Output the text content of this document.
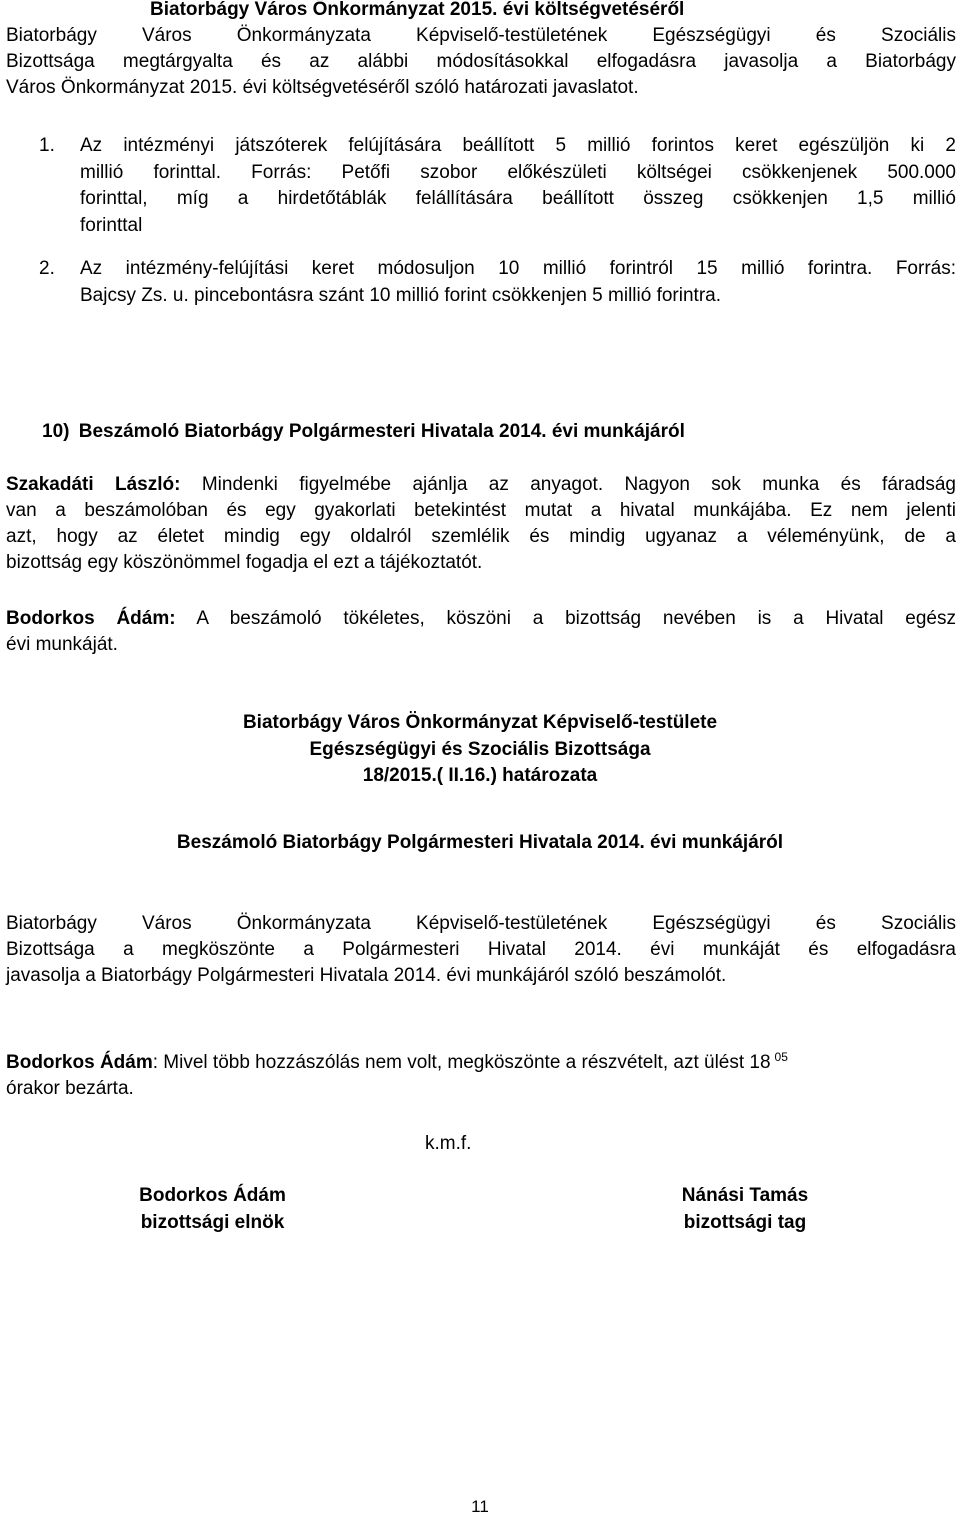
Biatorbágy Város Önkormányzat 2015. évi költségvetéséről
Biatorbágy Város Önkormányzata Képviselő-testületének Egészségügyi és Szociális
Bizottsága megtárgyalta és az alábbi módosításokkal elfogadásra javasolja a Biatorbágy
Város Önkormányzat 2015. évi költségvetéséről szóló határozati javaslatot.
1. Az intézményi játszóterek felújítására beállított 5 millió forintos keret egészüljön ki 2
millió forinttal. Forrás: Petőfi szobor előkészületi költségei csökkenjenek 500.000
forinttal, míg a hirdetőtáblák felállítására beállított összeg csökkenjen 1,5 millió
forinttal
2. Az intézmény-felújítási keret módosuljon 10 millió forintról 15 millió forintra. Forrás:
Bajcsy Zs. u. pincebontásra szánt 10 millió forint csökkenjen 5 millió forintra.
10) Beszámoló Biatorbágy Polgármesteri Hivatala 2014. évi munkájáról
Szakadáti László: Mindenki figyelmébe ajánlja az anyagot. Nagyon sok munka és fáradság
van a beszámolóban és egy gyakorlati betekintést mutat a hivatal munkájába. Ez nem jelenti
azt, hogy az életet mindig egy oldalról szemlélik és mindig ugyanaz a véleményünk, de a
bizottság egy köszönömmel fogadja el ezt a tájékoztatót.
Bodorkos Ádám: A beszámoló tökéletes, köszöni a bizottság nevében is a Hivatal egész
évi munkáját.
Biatorbágy Város Önkormányzat Képviselő-testülete
Egészségügyi és Szociális Bizottsága
18/2015.( II.16.) határozata
Beszámoló Biatorbágy Polgármesteri Hivatala 2014. évi munkájáról
Biatorbágy Város Önkormányzata Képviselő-testületének Egészségügyi és Szociális
Bizottsága a megköszönte a Polgármesteri Hivatal 2014. évi munkáját és elfogadásra
javasolja a Biatorbágy Polgármesteri Hivatala 2014. évi munkájáról szóló beszámolót.
Bodorkos Ádám: Mivel több hozzászólás nem volt, megköszönte a részvételt, azt ülést 18 $^{05}$
órakor bezárta.
k.m.f.
Bodorkos Ádám
bizottsági elnök
Nánási Tamás
bizottsági tag
11
